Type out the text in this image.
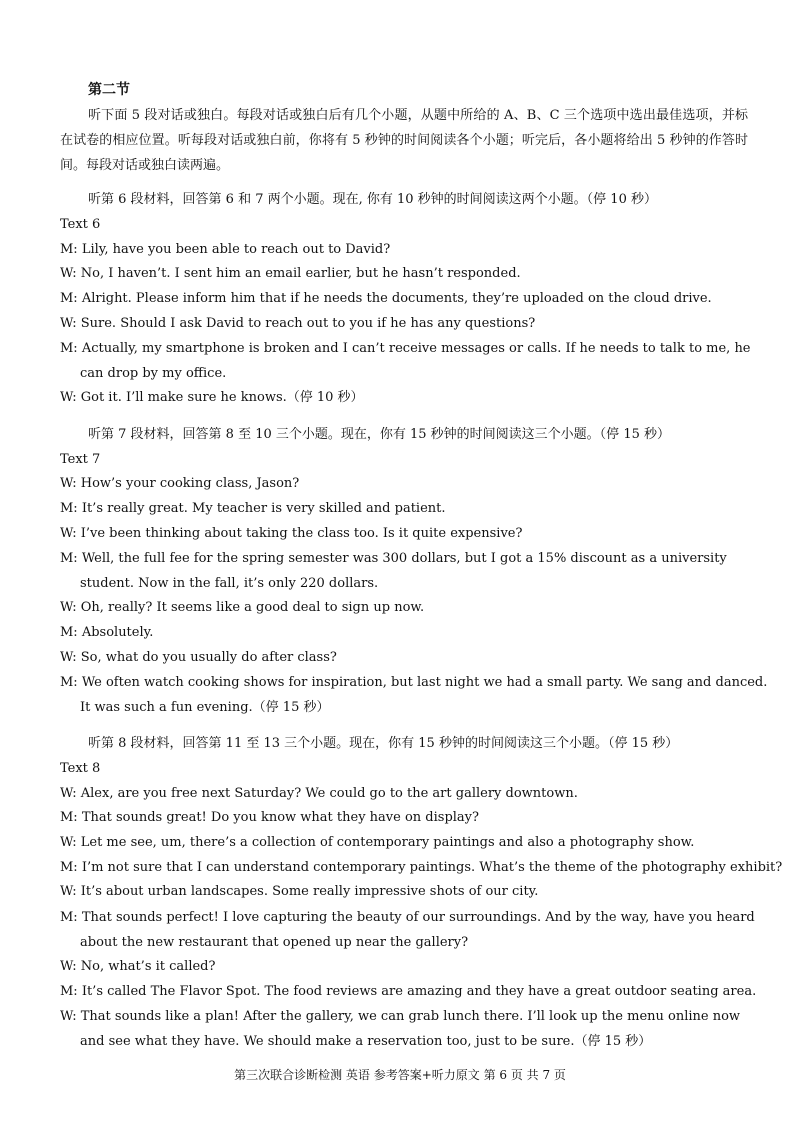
第二节
听下面 5 段对话或独白。每段对话或独白后有几个小题，从题中所给的 A、B、C 三个选项中选出最佳选项，并标在试卷的相应位置。听每段对话或独白前，你将有 5 秒钟的时间阅读各个小题；听完后，各小题将给出 5 秒钟的作答时间。每段对话或独白读两遍。
听第 6 段材料，回答第 6 和 7 两个小题。现在, 你有 10 秒钟的时间阅读这两个小题。（停 10 秒）
Text 6
M: Lily, have you been able to reach out to David?
W: No, I haven’t. I sent him an email earlier, but he hasn’t responded.
M: Alright. Please inform him that if he needs the documents, they’re uploaded on the cloud drive.
W: Sure. Should I ask David to reach out to you if he has any questions?
M: Actually, my smartphone is broken and I can’t receive messages or calls. If he needs to talk to me, he can drop by my office.
W: Got it. I’ll make sure he knows.（停 10 秒）
听第 7 段材料，回答第 8 至 10 三个小题。现在，你有 15 秒钟的时间阅读这三个小题。（停 15 秒）
Text 7
W: How’s your cooking class, Jason?
M: It’s really great. My teacher is very skilled and patient.
W: I’ve been thinking about taking the class too. Is it quite expensive?
M: Well, the full fee for the spring semester was 300 dollars, but I got a 15% discount as a university student. Now in the fall, it’s only 220 dollars.
W: Oh, really? It seems like a good deal to sign up now.
M: Absolutely.
W: So, what do you usually do after class?
M: We often watch cooking shows for inspiration, but last night we had a small party. We sang and danced. It was such a fun evening.（停 15 秒）
听第 8 段材料，回答第 11 至 13 三个小题。现在，你有 15 秒钟的时间阅读这三个小题。（停 15 秒）
Text 8
W: Alex, are you free next Saturday? We could go to the art gallery downtown.
M: That sounds great! Do you know what they have on display?
W: Let me see, um, there’s a collection of contemporary paintings and also a photography show.
M: I’m not sure that I can understand contemporary paintings. What’s the theme of the photography exhibit?
W: It’s about urban landscapes. Some really impressive shots of our city.
M: That sounds perfect! I love capturing the beauty of our surroundings. And by the way, have you heard about the new restaurant that opened up near the gallery?
W: No, what’s it called?
M: It’s called The Flavor Spot. The food reviews are amazing and they have a great outdoor seating area.
W: That sounds like a plan! After the gallery, we can grab lunch there. I’ll look up the menu online now and see what they have. We should make a reservation too, just to be sure.（停 15 秒）
第三次联合诊断检测 英语 参考答案+听力原文 第 6 页 共 7 页
